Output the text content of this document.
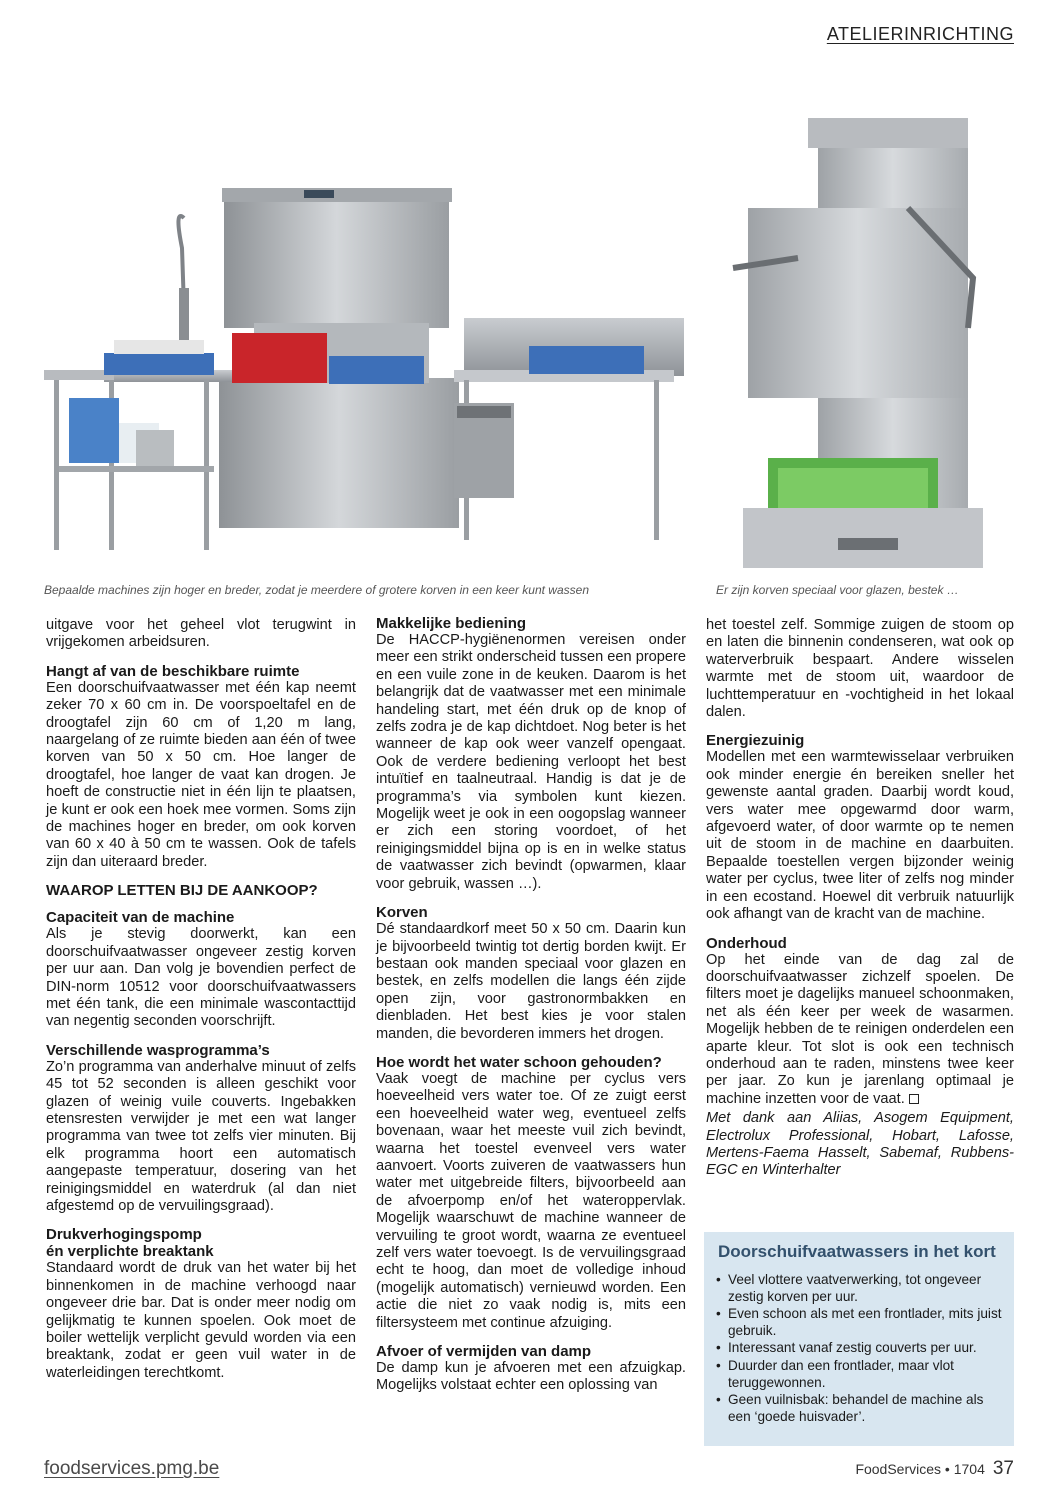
ATELIERINRICHTING
Bepaalde machines zijn hoger en breder, zodat je meerdere of grotere korven in een keer kunt wassen	Er zijn korven speciaal voor glazen, bestek …

uitgave voor het geheel vlot terugwint in vrijgekomen arbeidsuren.

Hangt af van de beschikbare ruimte

Een doorschuifvaatwasser met één kap neemt zeker 70 x 60 cm in. De voorspoeltafel en de droogtafel zijn 60 cm of 1,20 m lang, naargelang of ze ruimte bieden aan één of twee korven van 50 x 50 cm. Hoe langer de droogtafel, hoe langer de vaat kan drogen. Je hoeft de constructie niet in één lijn te plaatsen, je kunt er ook een hoek mee vormen. Soms zijn de machines hoger en breder, om ook korven van 60 x 40 à 50 cm te wassen. Ook de tafels zijn dan uiteraard breder.

WAAROP LETTEN BIJ DE AANKOOP?
Capaciteit van de machine

Als je stevig doorwerkt, kan een doorschuifvaatwasser ongeveer zestig korven per uur aan. Dan volg je bovendien perfect de DIN-norm 10512 voor doorschuifvaatwassers met één tank, die een minimale wascontacttijd van negentig seconden voorschrijft.

Verschillende wasprogramma’s

Zo’n programma van anderhalve minuut of zelfs 45 tot 52 seconden is alleen geschikt voor glazen of weinig vuile couverts. Ingebakken etensresten verwijder je met een wat langer programma van twee tot zelfs vier minuten. Bij elk programma hoort een automatisch aangepaste temperatuur, dosering van het reinigingsmiddel en waterdruk (al dan niet afgestemd op de vervuilingsgraad).

Drukverhogingspomp
én verplichte breaktank

Standaard wordt de druk van het water bij het binnenkomen in de machine verhoogd naar ongeveer drie bar. Dat is onder meer nodig om gelijkmatig te kunnen spoelen. Ook moet de boiler wettelijk verplicht gevuld worden via een breaktank, zodat er geen vuil water in de waterleidingen terechtkomt.

Makkelijke bediening

De HACCP-hygiënenormen vereisen onder meer een strikt onderscheid tussen een propere en een vuile zone in de keuken. Daarom is het belangrijk dat de vaatwasser met een minimale handeling start, met één druk op de knop of zelfs zodra je de kap dichtdoet. Nog beter is het wanneer de kap ook weer vanzelf opengaat. Ook de verdere bediening verloopt het best intuïtief en taalneutraal. Handig is dat je de programma’s via symbolen kunt kiezen. Mogelijk weet je ook in een oogopslag wanneer er zich een storing voordoet, of het reinigingsmiddel bijna op is en in welke status de vaatwasser zich bevindt (opwarmen, klaar voor gebruik, wassen …).

Korven

Dé standaardkorf meet 50 x 50 cm. Daarin kun je bijvoorbeeld twintig tot dertig borden kwijt. Er bestaan ook manden speciaal voor glazen en bestek, en zelfs modellen die langs één zijde open zijn, voor gastronormbakken en dienbladen. Het best kies je voor stalen manden, die bevorderen immers het drogen.

Hoe wordt het water schoon gehouden?

Vaak voegt de machine per cyclus vers hoeveelheid vers water toe. Of ze zuigt eerst een hoeveelheid water weg, eventueel zelfs bovenaan, waar het meeste vuil zich bevindt, waarna het toestel evenveel vers water aanvoert. Voorts zuiveren de vaatwassers hun water met uitgebreide filters, bijvoorbeeld aan de afvoerpomp en/of het wateroppervlak. Mogelijk waarschuwt de machine wanneer de vervuiling te groot wordt, waarna ze eventueel zelf vers water toevoegt. Is de vervuilingsgraad echt te hoog, dan moet de volledige inhoud (mogelijk automatisch) vernieuwd worden. Een actie die niet zo vaak nodig is, mits een filtersysteem met continue afzuiging.

Afvoer of vermijden van damp

De damp kun je afvoeren met een afzuigkap. Mogelijks volstaat echter een oplossing van

het toestel zelf. Sommige zuigen de stoom op en laten die binnenin condenseren, wat ook op waterverbruik bespaart. Andere wisselen warmte met de stoom uit, waardoor de luchttemperatuur en -vochtigheid in het lokaal dalen.

Energiezuinig

Modellen met een warmtewisselaar verbruiken ook minder energie én bereiken sneller het gewenste aantal graden. Daarbij wordt koud, vers water mee opgewarmd door warm, afgevoerd water, of door warmte op te nemen uit de stoom in de machine en daarbuiten. Bepaalde toestellen vergen bijzonder weinig water per cyclus, twee liter of zelfs nog minder in een ecostand. Hoewel dit verbruik natuurlijk ook afhangt van de kracht van de machine.

Onderhoud

Op het einde van de dag zal de doorschuifvaatwasser zichzelf spoelen. De filters moet je dagelijks manueel schoonmaken, net als één keer per week de wasarmen. Mogelijk hebben de te reinigen onderdelen een aparte kleur. Tot slot is ook een technisch onderhoud aan te raden, minstens twee keer per jaar. Zo kun je jarenlang optimaal je machine inzetten voor de vaat.

Met dank aan Aliias, Asogem Equipment, Electrolux Professional, Hobart, Lafosse, Mertens-Faema Hasselt, Sabemaf, Rubbens-EGC en Winterhalter

Doorschuifvaatwassers in het kort
• Veel vlottere vaatverwerking, tot ongeveer zestig korven per uur.
• Even schoon als met een frontlader, mits juist gebruik.
• Interessant vanaf zestig couverts per uur.
• Duurder dan een frontlader, maar vlot teruggewonnen.
• Geen vuilnisbak: behandel de machine als een ‘goede huisvader’.
foodservices.pmg.be	FoodServices • 1704 37
